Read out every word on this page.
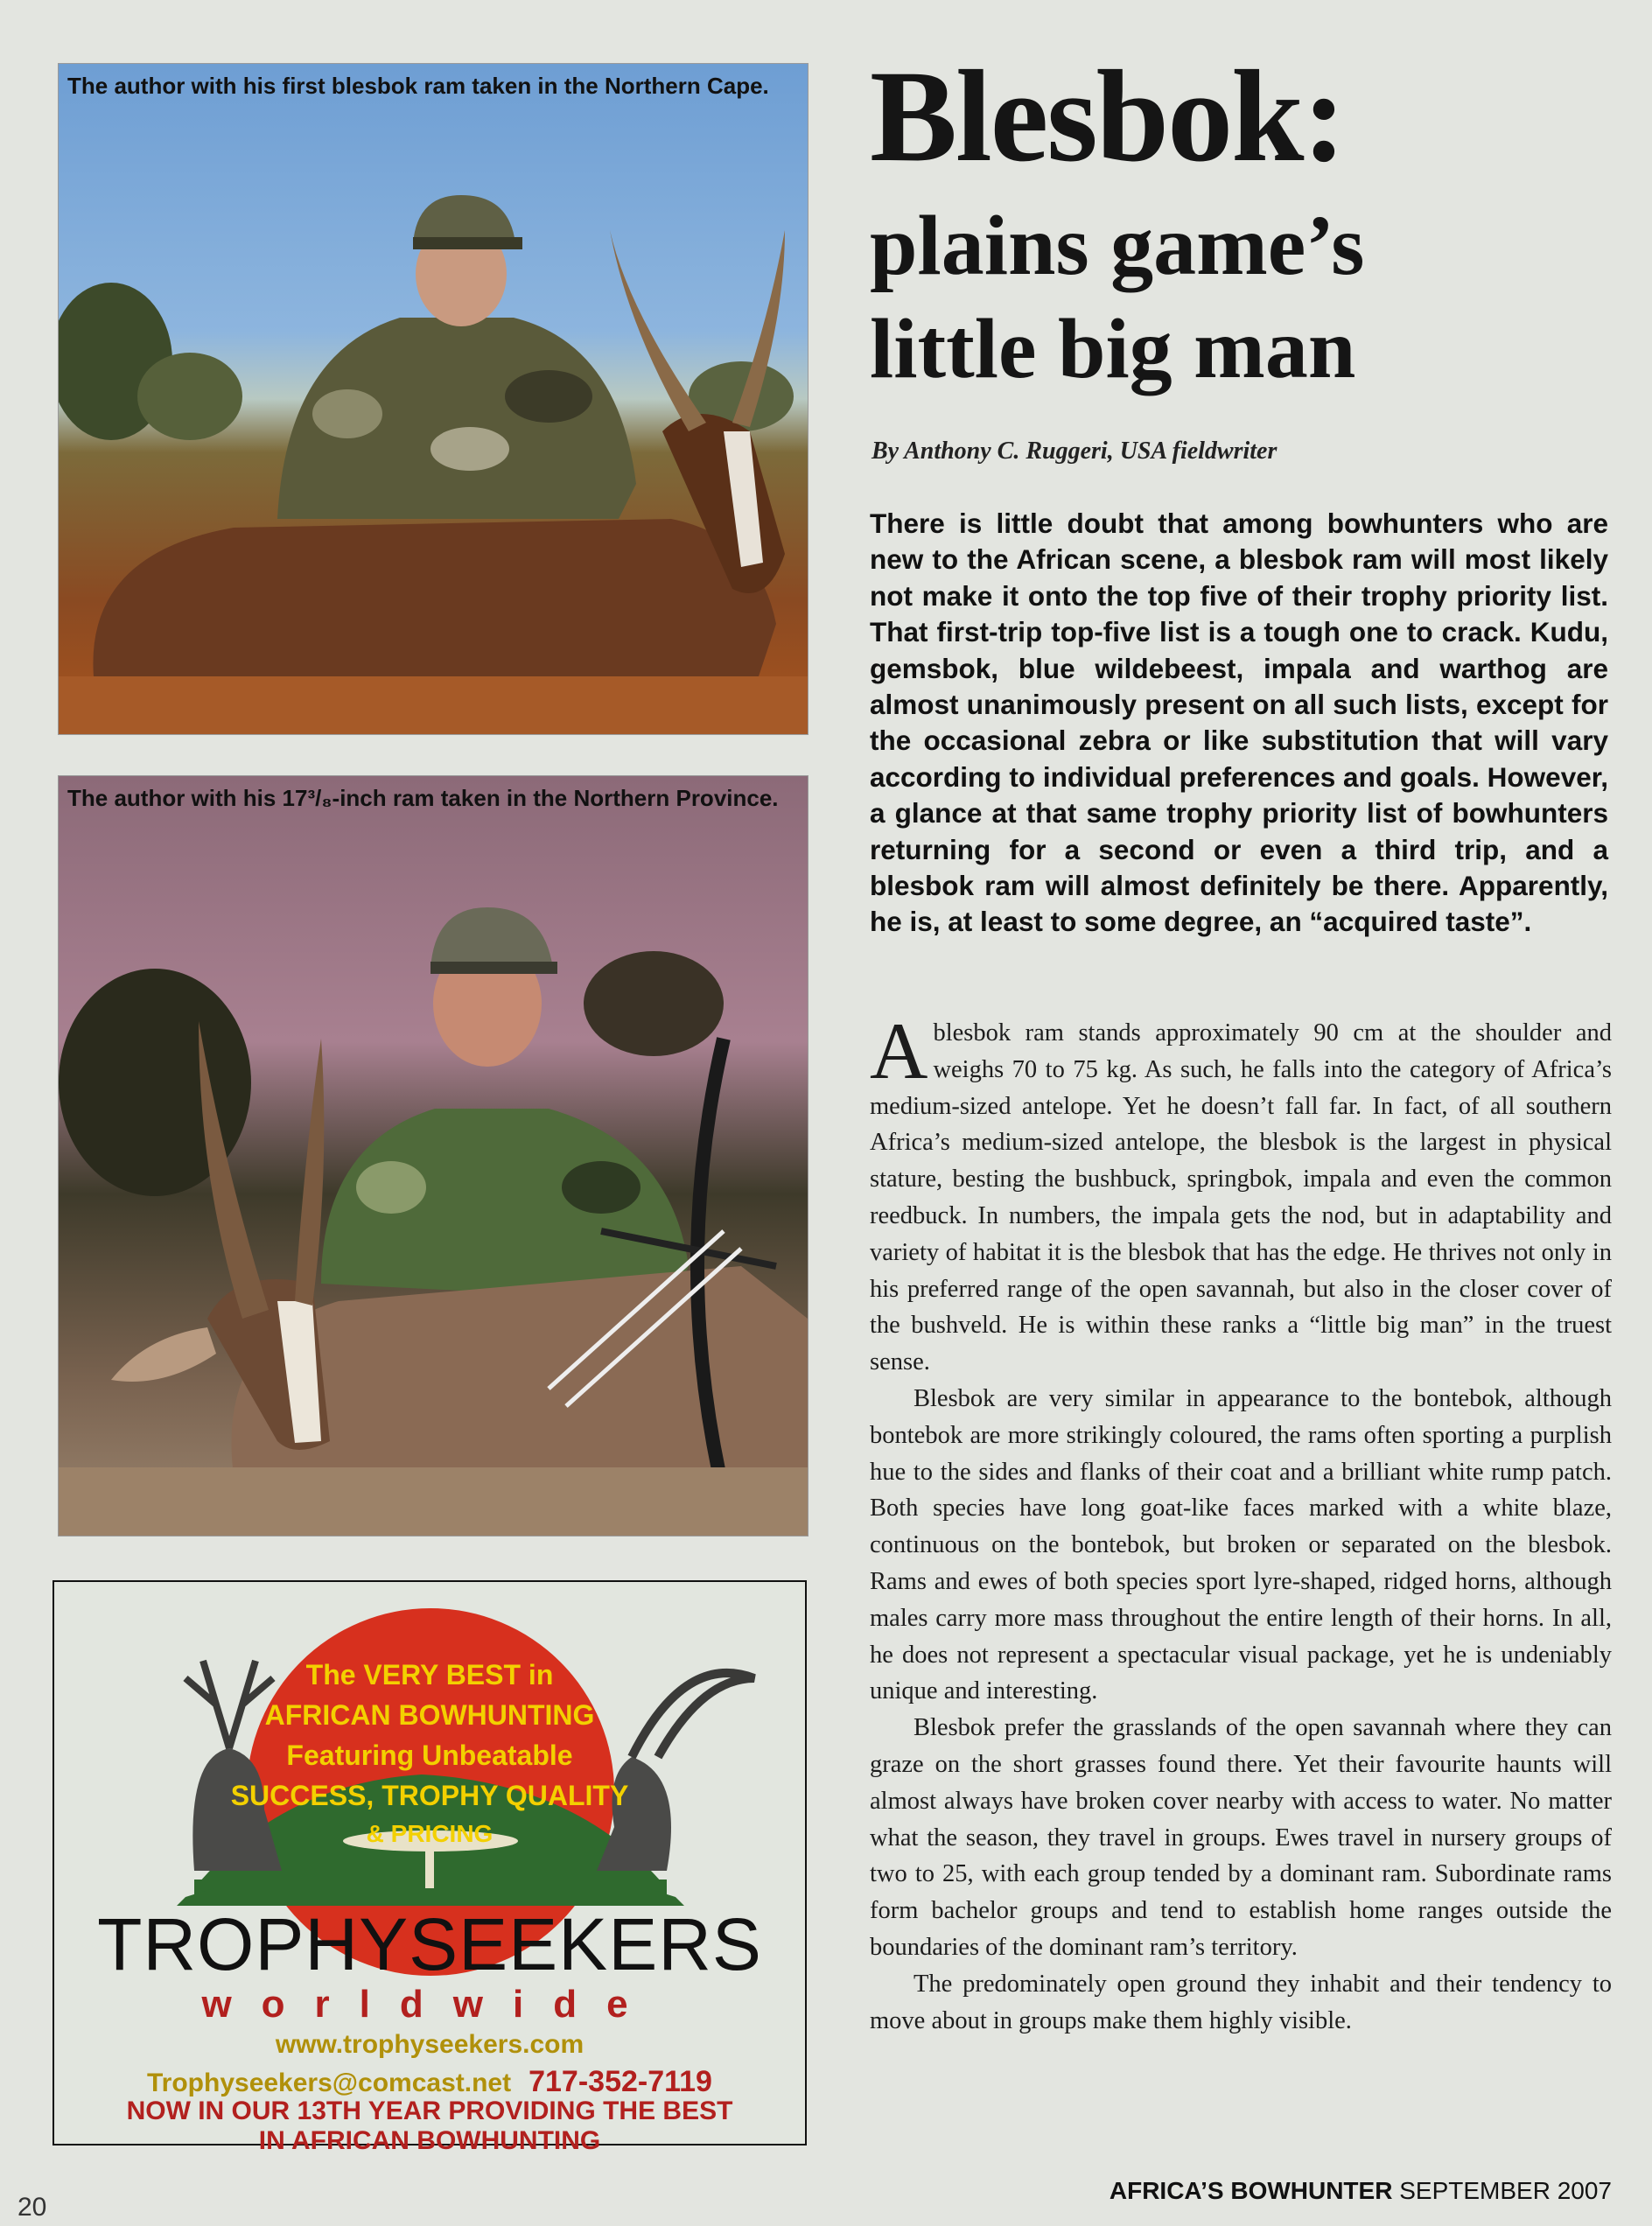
The author with his first blesbok ram taken in the Northern Cape.
The author with his 17³/₈-inch ram taken in the Northern Province.
The VERY BEST in
AFRICAN BOWHUNTING
Featuring Unbeatable
SUCCESS, TROPHY QUALITY
& PRICING
TROPHYSEEKERS
worldwide
www.trophyseekers.com
Trophyseekers@comcast.net 717-352-7119
NOW IN OUR 13TH YEAR PROVIDING THE BEST
IN AFRICAN BOWHUNTING
Blesbok:
plains game’s
little big man
By Anthony C. Ruggeri, USA fieldwriter

There is little doubt that among bowhunters who are new to the African scene, a blesbok ram will most likely not make it onto the top five of their trophy priority list. That first-trip top-five list is a tough one to crack. Kudu, gemsbok, blue wildebeest, impala and warthog are almost unanimously present on all such lists, except for the occasional zebra or like substitution that will vary according to individual preferences and goals. However, a glance at that same trophy priority list of bowhunters returning for a second or even a third trip, and a blesbok ram will almost definitely be there. Apparently, he is, at least to some degree, an “acquired taste”.

Ablesbok ram stands approximately 90 cm at the shoulder and weighs 70 to 75 kg. As such, he falls into the category of Africa’s medium-sized antelope. Yet he doesn’t fall far. In fact, of all southern Africa’s medium-sized antelope, the blesbok is the largest in physical stature, besting the bushbuck, springbok, impala and even the common reedbuck. In numbers, the impala gets the nod, but in adaptability and variety of habitat it is the blesbok that has the edge. He thrives not only in his preferred range of the open savannah, but also in the closer cover of the bushveld. He is within these ranks a “little big man” in the truest sense.

Blesbok are very similar in appearance to the bontebok, although bontebok are more strikingly coloured, the rams often sporting a purplish hue to the sides and flanks of their coat and a brilliant white rump patch. Both species have long goat-like faces marked with a white blaze, continuous on the bontebok, but broken or separated on the blesbok. Rams and ewes of both species sport lyre-shaped, ridged horns, although males carry more mass throughout the entire length of their horns. In all, he does not represent a spectacular visual package, yet he is undeniably unique and interesting.

Blesbok prefer the grasslands of the open savannah where they can graze on the short grasses found there. Yet their favourite haunts will almost always have broken cover nearby with access to water. No matter what the season, they travel in groups. Ewes travel in nursery groups of two to 25, with each group tended by a dominant ram. Subordinate rams form bachelor groups and tend to establish home ranges outside the boundaries of the dominant ram’s territory.

The predominately open ground they inhabit and their tendency to move about in groups make them highly visible.

20
AFRICA’S BOWHUNTER SEPTEMBER 2007
